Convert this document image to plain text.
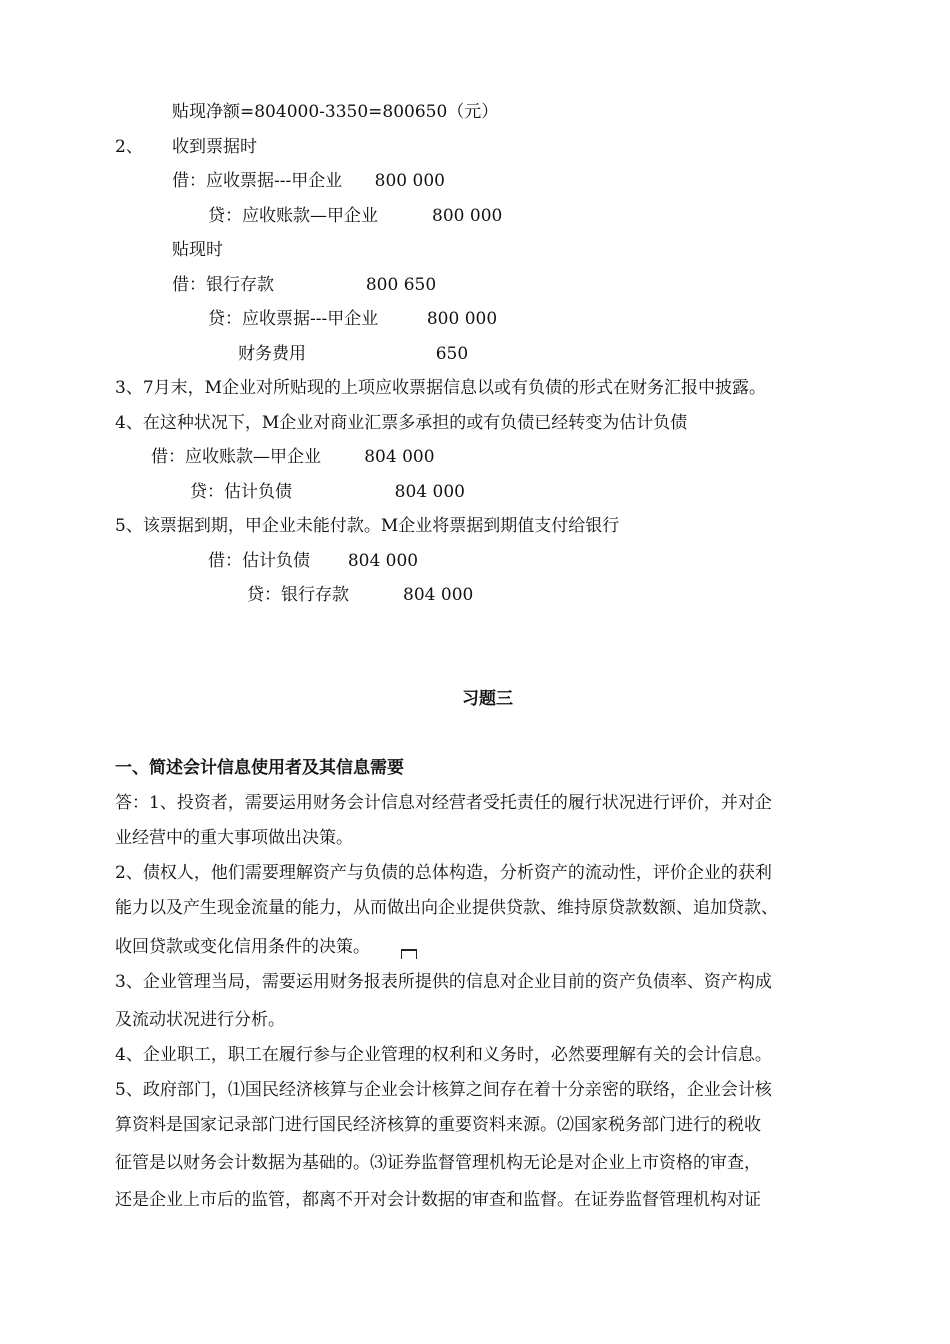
贴现净额=804000-3350=800650（元）
2、 收到票据时
借：应收票据---甲企业      800 000
贷：应收账款—甲企业          800 000
贴现时
借：银行存款                 800 650
贷：应收票据---甲企业         800 000
财务费用                        650
3、7月末，M企业对所贴现的上项应收票据信息以或有负债的形式在财务汇报中披露。
4、在这种状况下，M企业对商业汇票多承担的或有负债已经转变为估计负债
借：应收账款—甲企业        804 000
贷：估计负债                   804 000
5、该票据到期，甲企业未能付款。M企业将票据到期值支付给银行
借：估计负债       804 000
贷：银行存款          804 000
习题三
一、简述会计信息使用者及其信息需要
答：1、投资者，需要运用财务会计信息对经营者受托责任的履行状况进行评价，并对企
业经营中的重大事项做出决策。
2、债权人，他们需要理解资产与负债的总体构造，分析资产的流动性，评价企业的获利
能力以及产生现金流量的能力，从而做出向企业提供贷款、维持原贷款数额、追加贷款、
收回贷款或变化信用条件的决策。
3、企业管理当局，需要运用财务报表所提供的信息对企业目前的资产负债率、资产构成
及流动状况进行分析。
4、企业职工，职工在履行参与企业管理的权利和义务时，必然要理解有关的会计信息。
5、政府部门，⑴国民经济核算与企业会计核算之间存在着十分亲密的联络，企业会计核
算资料是国家记录部门进行国民经济核算的重要资料来源。⑵国家税务部门进行的税收
征管是以财务会计数据为基础的。⑶证券监督管理机构无论是对企业上市资格的审查，
还是企业上市后的监管，都离不开对会计数据的审查和监督。在证券监督管理机构对证
